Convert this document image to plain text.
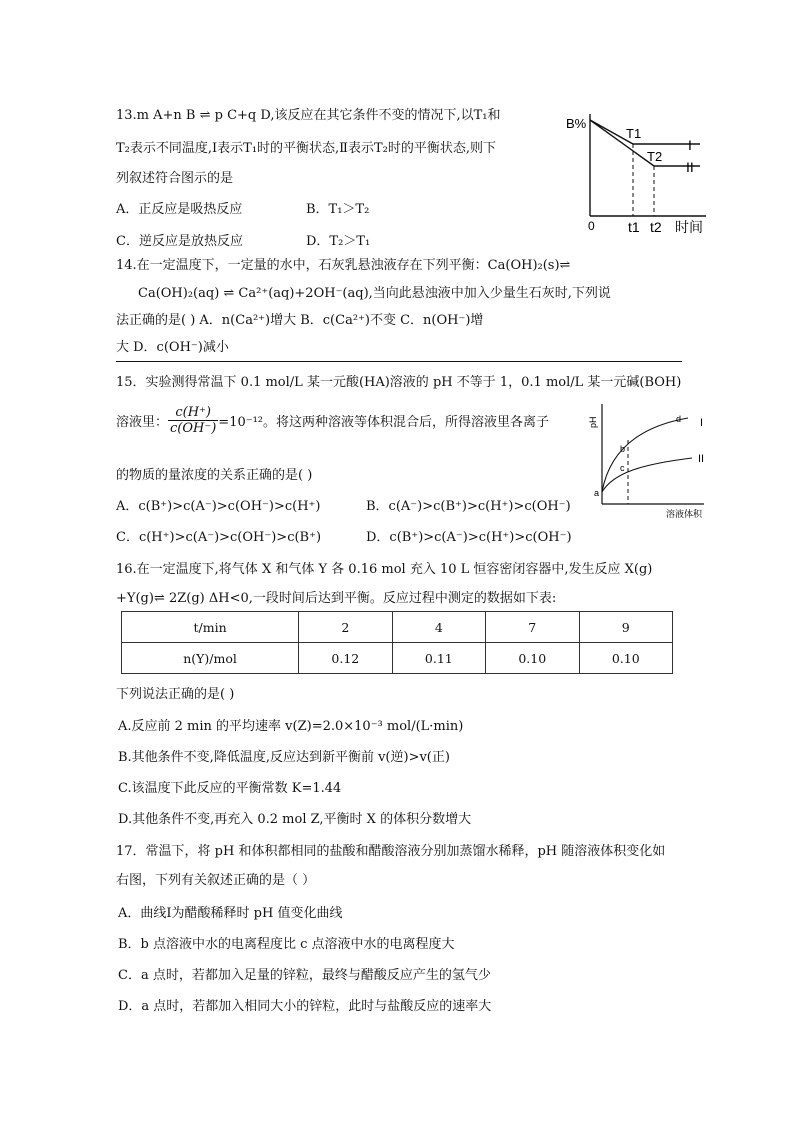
13.m A+n B ⇌ p C+q D,该反应在其它条件不变的情况下,以T₁和
T₂表示不同温度,Ⅰ表示T₁时的平衡状态,Ⅱ表示T₂时的平衡状态,则下
列叙述符合图示的是
A．正反应是吸热反应	B．T₁＞T₂
C．逆反应是放热反应	D．T₂＞T₁
B%
T1
T2
I
II
0 t1 t2 时间
14.在一定温度下，一定量的水中，石灰乳悬浊液存在下列平衡：Ca(OH)₂(s)⇌
Ca(OH)₂(aq) ⇌ Ca²⁺(aq)+2OH⁻(aq),当向此悬浊液中加入少量生石灰时,下列说
法正确的是( ) A．n(Ca²⁺)增大 B．c(Ca²⁺)不变 C．n(OH⁻)增
大 D．c(OH⁻)减小
15．实验测得常温下 0.1 mol/L 某一元酸(HA)溶液的 pH 不等于 1，0.1 mol/L 某一元碱(BOH)
溶液里： $\frac{c(H^+)}{c(OH^-)} =10^{-12}$。将这两种溶液等体积混合后，所得溶液里各离子
的物质的量浓度的关系正确的是( )
A．c(B⁺)>c(A⁻)>c(OH⁻)>c(H⁺)	B．c(A⁻)>c(B⁺)>c(H⁺)>c(OH⁻)
C．c(H⁺)>c(A⁻)>c(OH⁻)>c(B⁺)	D．c(B⁺)>c(A⁻)>c(H⁺)>c(OH⁻)
pH	I
II
a
b
c
d
溶液体积
16.在一定温度下,将气体 X 和气体 Y 各 0.16 mol 充入 10 L 恒容密闭容器中,发生反应 X(g)
+Y(g)⇌ 2Z(g) ΔH<0,一段时间后达到平衡。反应过程中测定的数据如下表:
t/min	2	4	7	9
n(Y)/mol	0.12	0.11	0.10	0.10
下列说法正确的是( )
A.反应前 2 min 的平均速率 v(Z)=2.0×10⁻³ mol/(L·min)
B.其他条件不变,降低温度,反应达到新平衡前 v(逆)>v(正)
C.该温度下此反应的平衡常数 K=1.44
D.其他条件不变,再充入 0.2 mol Z,平衡时 X 的体积分数增大
17．常温下，将 pH 和体积都相同的盐酸和醋酸溶液分别加蒸馏水稀释，pH 随溶液体积变化如
右图，下列有关叙述正确的是（ ）
A．曲线Ⅰ为醋酸稀释时 pH 值变化曲线
B．b 点溶液中水的电离程度比 c 点溶液中水的电离程度大
C．a 点时，若都加入足量的锌粒，最终与醋酸反应产生的氢气少
D．a 点时，若都加入相同大小的锌粒，此时与盐酸反应的速率大
